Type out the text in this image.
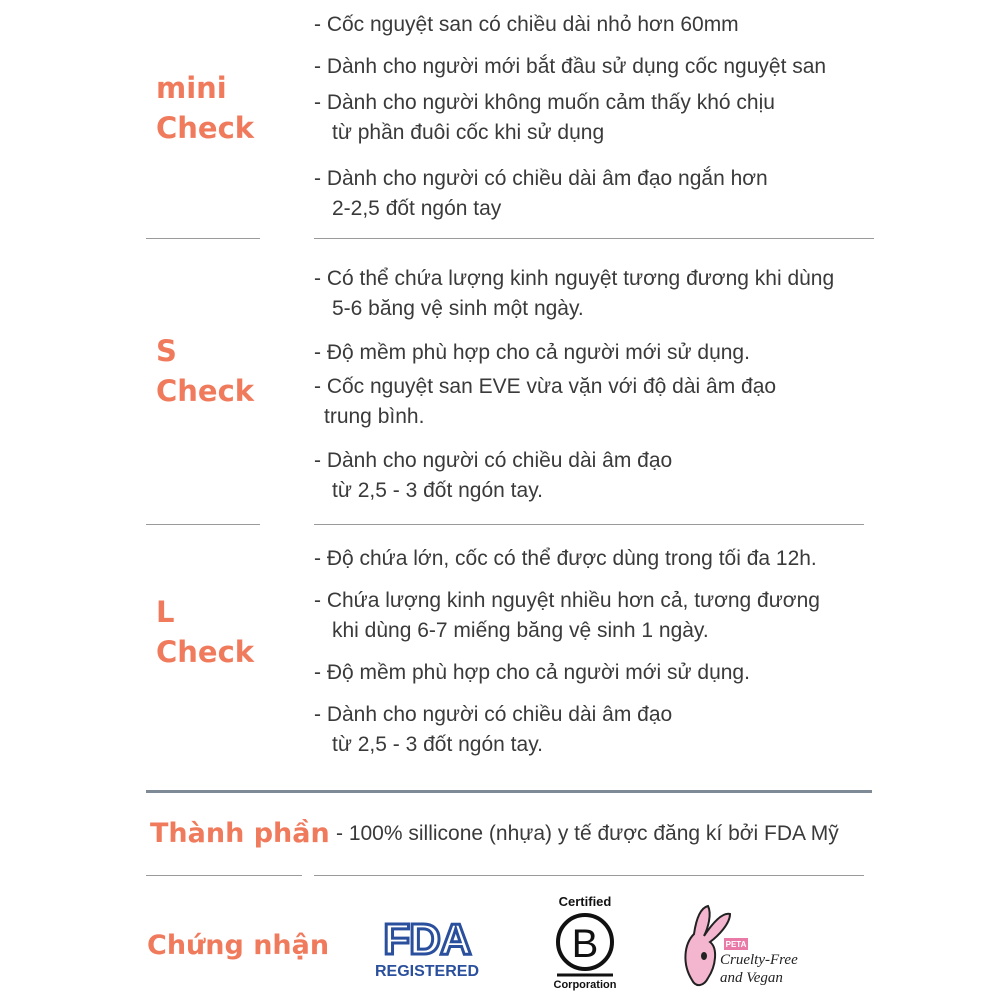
mini
Check
- Cốc nguyệt san có chiều dài nhỏ hơn 60mm
- Dành cho người mới bắt đầu sử dụng cốc nguyệt san
- Dành cho người không muốn cảm thấy khó chịu
từ phần đuôi cốc khi sử dụng
- Dành cho người có chiều dài âm đạo ngắn hơn
2-2,5 đốt ngón tay
S
Check
- Có thể chứa lượng kinh nguyệt tương đương khi dùng
5-6 băng vệ sinh một ngày.
- Độ mềm phù hợp cho cả người mới sử dụng.
- Cốc nguyệt san EVE vừa vặn với độ dài âm đạo
trung bình.
- Dành cho người có chiều dài âm đạo
từ 2,5 - 3 đốt ngón tay.
L
Check
- Độ chứa lớn, cốc có thể được dùng trong tối đa 12h.
- Chứa lượng kinh nguyệt nhiều hơn cả, tương đương
khi dùng 6-7 miếng băng vệ sinh 1 ngày.
- Độ mềm phù hợp cho cả người mới sử dụng.
- Dành cho người có chiều dài âm đạo
từ 2,5 - 3 đốt ngón tay.
Thành phần - 100% sillicone (nhựa) y tế được đăng kí bởi FDA Mỹ
Chứng nhận FDA
REGISTERED
Certified
B
Corporation
PETA
Cruelty-Free
and Vegan
